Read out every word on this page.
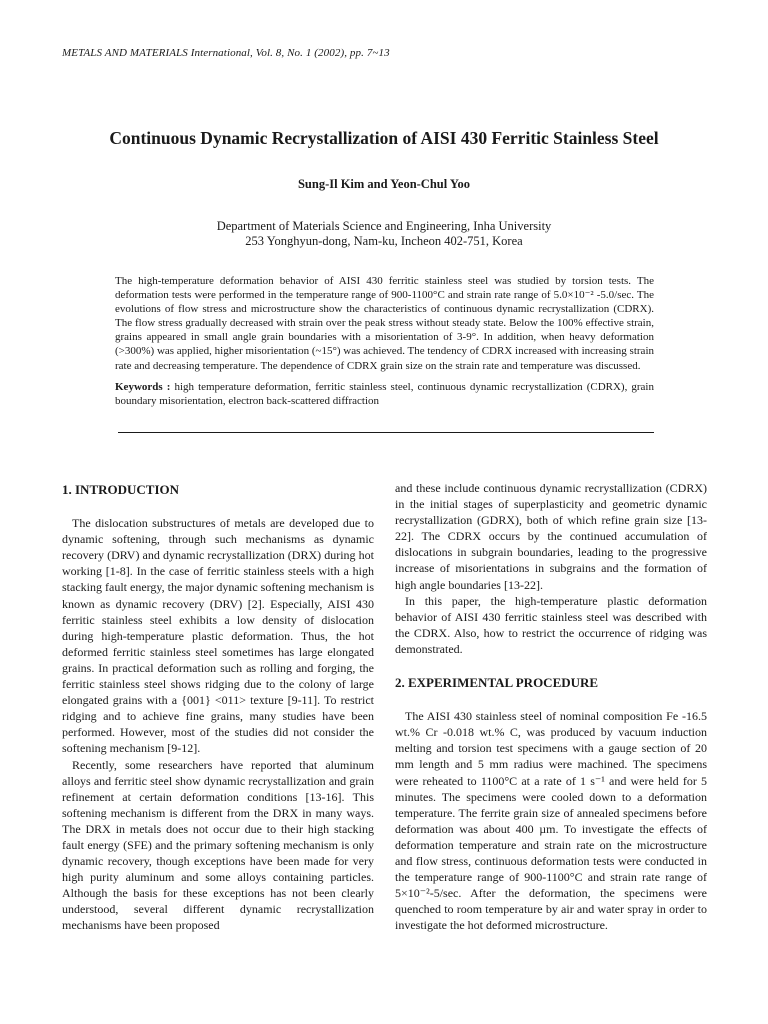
METALS AND MATERIALS International, Vol. 8, No. 1 (2002), pp. 7~13
Continuous Dynamic Recrystallization of AISI 430 Ferritic Stainless Steel
Sung-Il Kim and Yeon-Chul Yoo
Department of Materials Science and Engineering, Inha University
253 Yonghyun-dong, Nam-ku, Incheon 402-751, Korea

The high-temperature deformation behavior of AISI 430 ferritic stainless steel was studied by torsion tests. The deformation tests were performed in the temperature range of 900-1100°C and strain rate range of 5.0×10⁻² -5.0/sec. The evolutions of flow stress and microstructure show the characteristics of continuous dynamic recrystallization (CDRX). The flow stress gradually decreased with strain over the peak stress without steady state. Below the 100% effective strain, grains appeared in small angle grain boundaries with a misorientation of 3-9°. In addition, when heavy deformation (>300%) was applied, higher misorientation (~15°) was achieved. The tendency of CDRX increased with increasing strain rate and decreasing temperature. The dependence of CDRX grain size on the strain rate and temperature was discussed.

Keywords : high temperature deformation, ferritic stainless steel, continuous dynamic recrystallization (CDRX), grain boundary misorientation, electron back-scattered diffraction

1. INTRODUCTION

The dislocation substructures of metals are developed due to dynamic softening, through such mechanisms as dynamic recovery (DRV) and dynamic recrystallization (DRX) during hot working [1-8]. In the case of ferritic stainless steels with a high stacking fault energy, the major dynamic softening mechanism is known as dynamic recovery (DRV) [2]. Especially, AISI 430 ferritic stainless steel exhibits a low density of dislocation during high-temperature plastic deformation. Thus, the hot deformed ferritic stainless steel sometimes has large elongated grains. In practical deformation such as rolling and forging, the ferritic stainless steel shows ridging due to the colony of large elongated grains with a {001} <011> texture [9-11]. To restrict ridging and to achieve fine grains, many studies have been performed. However, most of the studies did not consider the softening mechanism [9-12].

Recently, some researchers have reported that aluminum alloys and ferritic steel show dynamic recrystallization and grain refinement at certain deformation conditions [13-16]. This softening mechanism is different from the DRX in many ways. The DRX in metals does not occur due to their high stacking fault energy (SFE) and the primary softening mechanism is only dynamic recovery, though exceptions have been made for very high purity aluminum and some alloys containing particles. Although the basis for these exceptions has not been clearly understood, several different dynamic recrystallization mechanisms have been proposed

and these include continuous dynamic recrystallization (CDRX) in the initial stages of superplasticity and geometric dynamic recrystallization (GDRX), both of which refine grain size [13-22]. The CDRX occurs by the continued accumulation of dislocations in subgrain boundaries, leading to the progressive increase of misorientations in subgrains and the formation of high angle boundaries [13-22].

In this paper, the high-temperature plastic deformation behavior of AISI 430 ferritic stainless steel was described with the CDRX. Also, how to restrict the occurrence of ridging was demonstrated.

2. EXPERIMENTAL PROCEDURE

The AISI 430 stainless steel of nominal composition Fe -16.5 wt.% Cr -0.018 wt.% C, was produced by vacuum induction melting and torsion test specimens with a gauge section of 20 mm length and 5 mm radius were machined. The specimens were reheated to 1100°C at a rate of 1 s⁻¹ and were held for 5 minutes. The specimens were cooled down to a deformation temperature. The ferrite grain size of annealed specimens before deformation was about 400 µm. To investigate the effects of deformation temperature and strain rate on the microstructure and flow stress, continuous deformation tests were conducted in the temperature range of 900-1100°C and strain rate range of 5×10⁻²-5/sec. After the deformation, the specimens were quenched to room temperature by air and water spray in order to investigate the hot deformed microstructure.
